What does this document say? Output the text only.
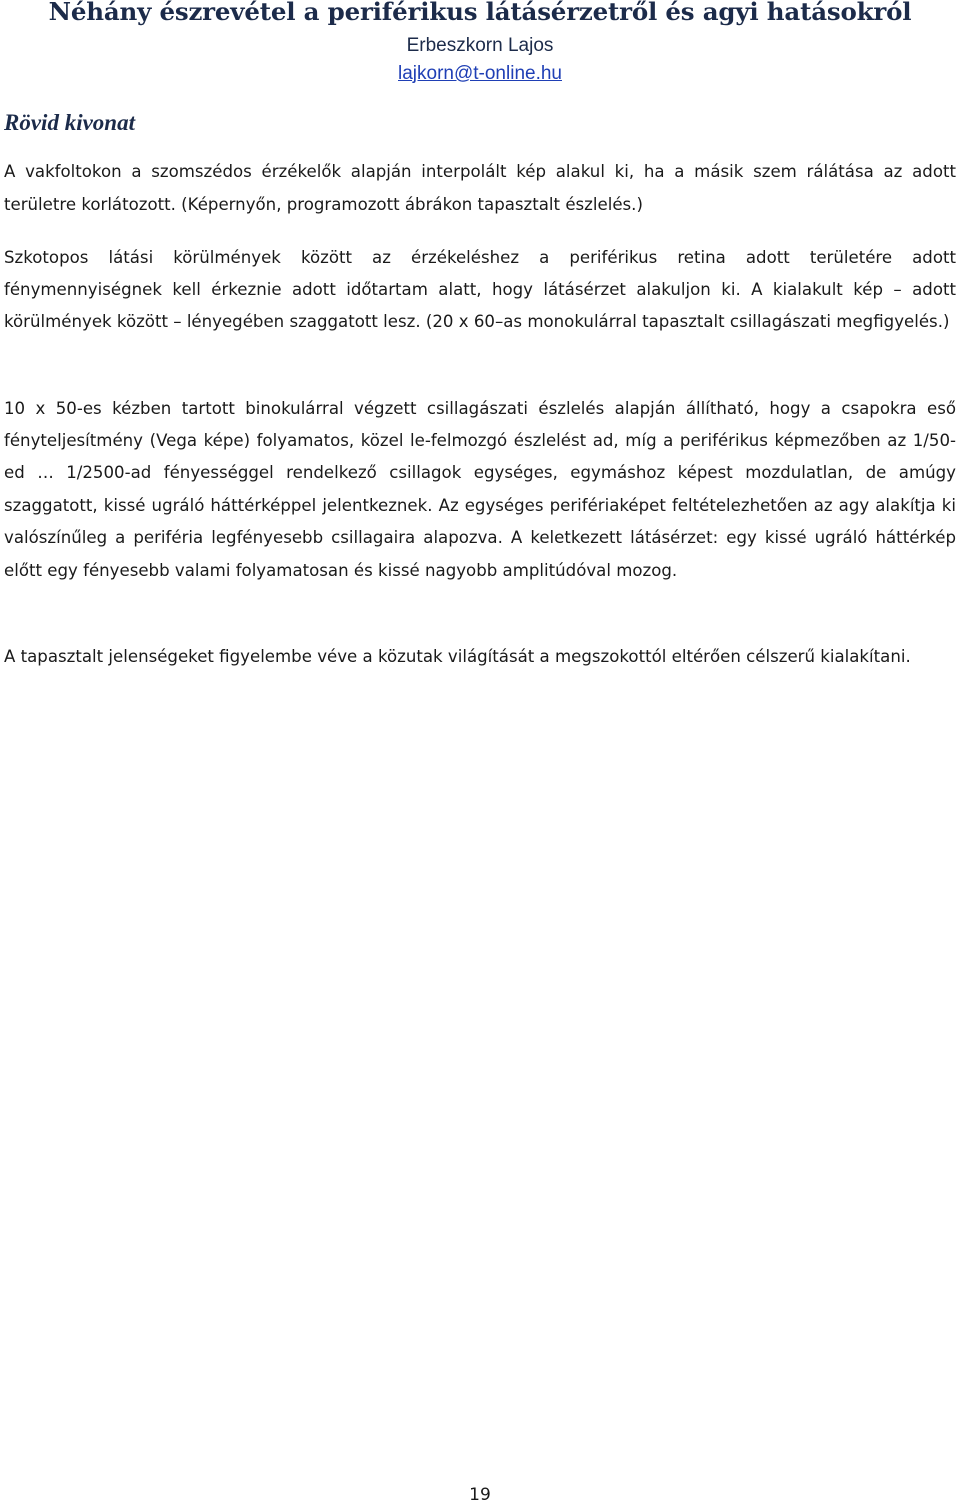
Néhány észrevétel a periférikus látásérzetről és agyi hatásokról
Erbeszkorn Lajos
lajkorn@t-online.hu
Rövid kivonat

A vakfoltokon a szomszédos érzékelők alapján interpolált kép alakul ki, ha a másik szem rálátása az adott területre korlátozott. (Képernyőn, programozott ábrákon tapasztalt észlelés.)

Szkotopos látási körülmények között az érzékeléshez a periférikus retina adott területére adott fénymennyiségnek kell érkeznie adott időtartam alatt, hogy látásérzet alakuljon ki. A kialakult kép – adott körülmények között – lényegében szaggatott lesz. (20 x 60–as monokulárral tapasztalt csillagászati megfigyelés.)

10 x 50-es kézben tartott binokulárral végzett csillagászati észlelés alapján állítható, hogy a csapokra eső fényteljesítmény (Vega képe) folyamatos, közel le-felmozgó észlelést ad, míg a periférikus képmezőben az 1/50-ed … 1/2500-ad fényességgel rendelkező csillagok egységes, egymáshoz képest mozdulatlan, de amúgy szaggatott, kissé ugráló háttérképpel jelentkeznek. Az egységes perifériaképet feltételezhetően az agy alakítja ki valószínűleg a periféria legfényesebb csillagaira alapozva. A keletkezett látásérzet: egy kissé ugráló háttérkép előtt egy fényesebb valami folyamatosan és kissé nagyobb amplitúdóval mozog.

A tapasztalt jelenségeket figyelembe véve a közutak világítását a megszokottól eltérően célszerű kialakítani.

19
